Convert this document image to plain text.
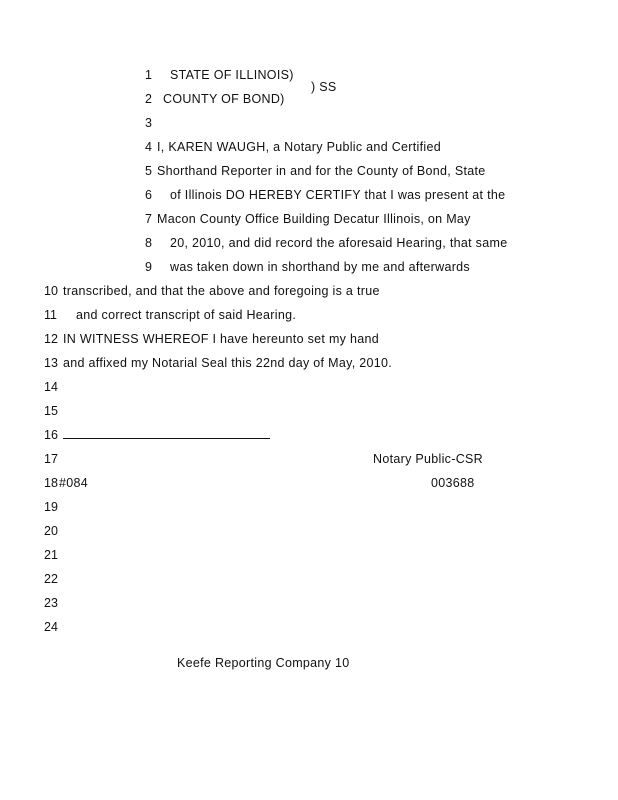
1 STATE OF ILLINOIS)
) SS
2 COUNTY OF BOND)
3
4 I, KAREN WAUGH, a Notary Public and Certified
5 Shorthand Reporter in and for the County of Bond, State
6 of Illinois DO HEREBY CERTIFY that I was present at the
7 Macon County Office Building Decatur Illinois, on May
8 20, 2010, and did record the aforesaid Hearing, that same
9 was taken down in shorthand by me and afterwards
10 transcribed, and that the above and foregoing is a true
11 and correct transcript of said Hearing.
12 IN WITNESS WHEREOF I have hereunto set my hand
13 and affixed my Notarial Seal this 22nd day of May, 2010.
14
15
16
17	Notary Public-CSR
18 #084	003688
19
20
21
22
23
24
Keefe Reporting Company 10
